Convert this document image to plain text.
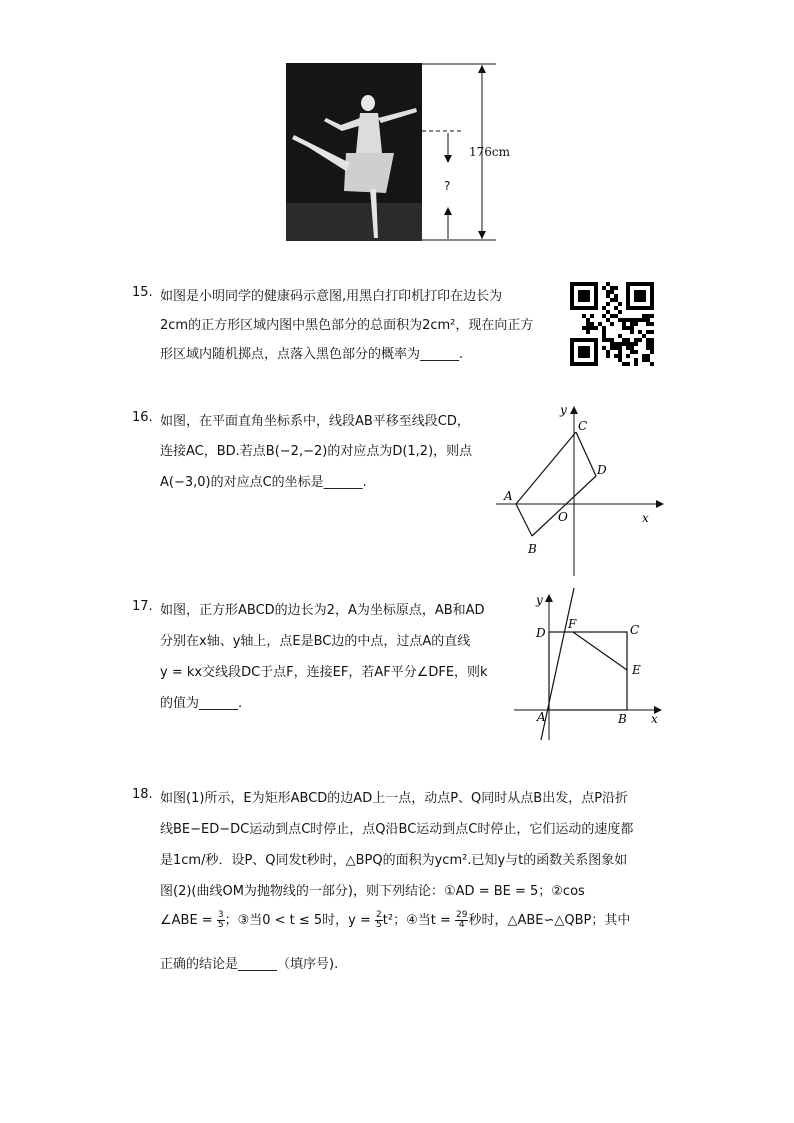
176cm
?
15. 如图是小明同学的健康码示意图,用黑白打印机打印在边长为
2cm的正方形区域内图中黑色部分的总面积为2cm²，现在向正方
形区域内随机掷点，点落入黑色部分的概率为______.
16. 如图，在平面直角坐标系中，线段AB平移至线段CD，
连接AC，BD.若点B(−2,−2)的对应点为D(1,2)，则点
A(−3,0)的对应点C的坐标是______.
y
x
C
D
A
O
B
17. 如图，正方形ABCD的边长为2，A为坐标原点，AB和AD
分别在x轴、y轴上，点E是BC边的中点，过点A的直线
y = kx交线段DC于点F，连接EF，若AF平分∠DFE，则k
的值为______.
y
x
D
F	C
E
A	B
18. 如图(1)所示，E为矩形ABCD的边AD上一点，动点P、Q同时从点B出发，点P沿折
线BE−ED−DC运动到点C时停止，点Q沿BC运动到点C时停止，它们运动的速度都
是1cm/秒．设P、Q同发t秒时，△BPQ的面积为ycm².已知y与t的函数关系图象如
图(2)(曲线OM为抛物线的一部分)，则下列结论：①AD = BE = 5；②cos
∠ABE = $\frac{3}{5}$ ；③当0 < t ≤ 5时，$y = \frac{2}{5} t^2$；④当$t = \frac{29}{4}$ 秒时，△ABE∽△QBP；其中
正确的结论是______（填序号).
